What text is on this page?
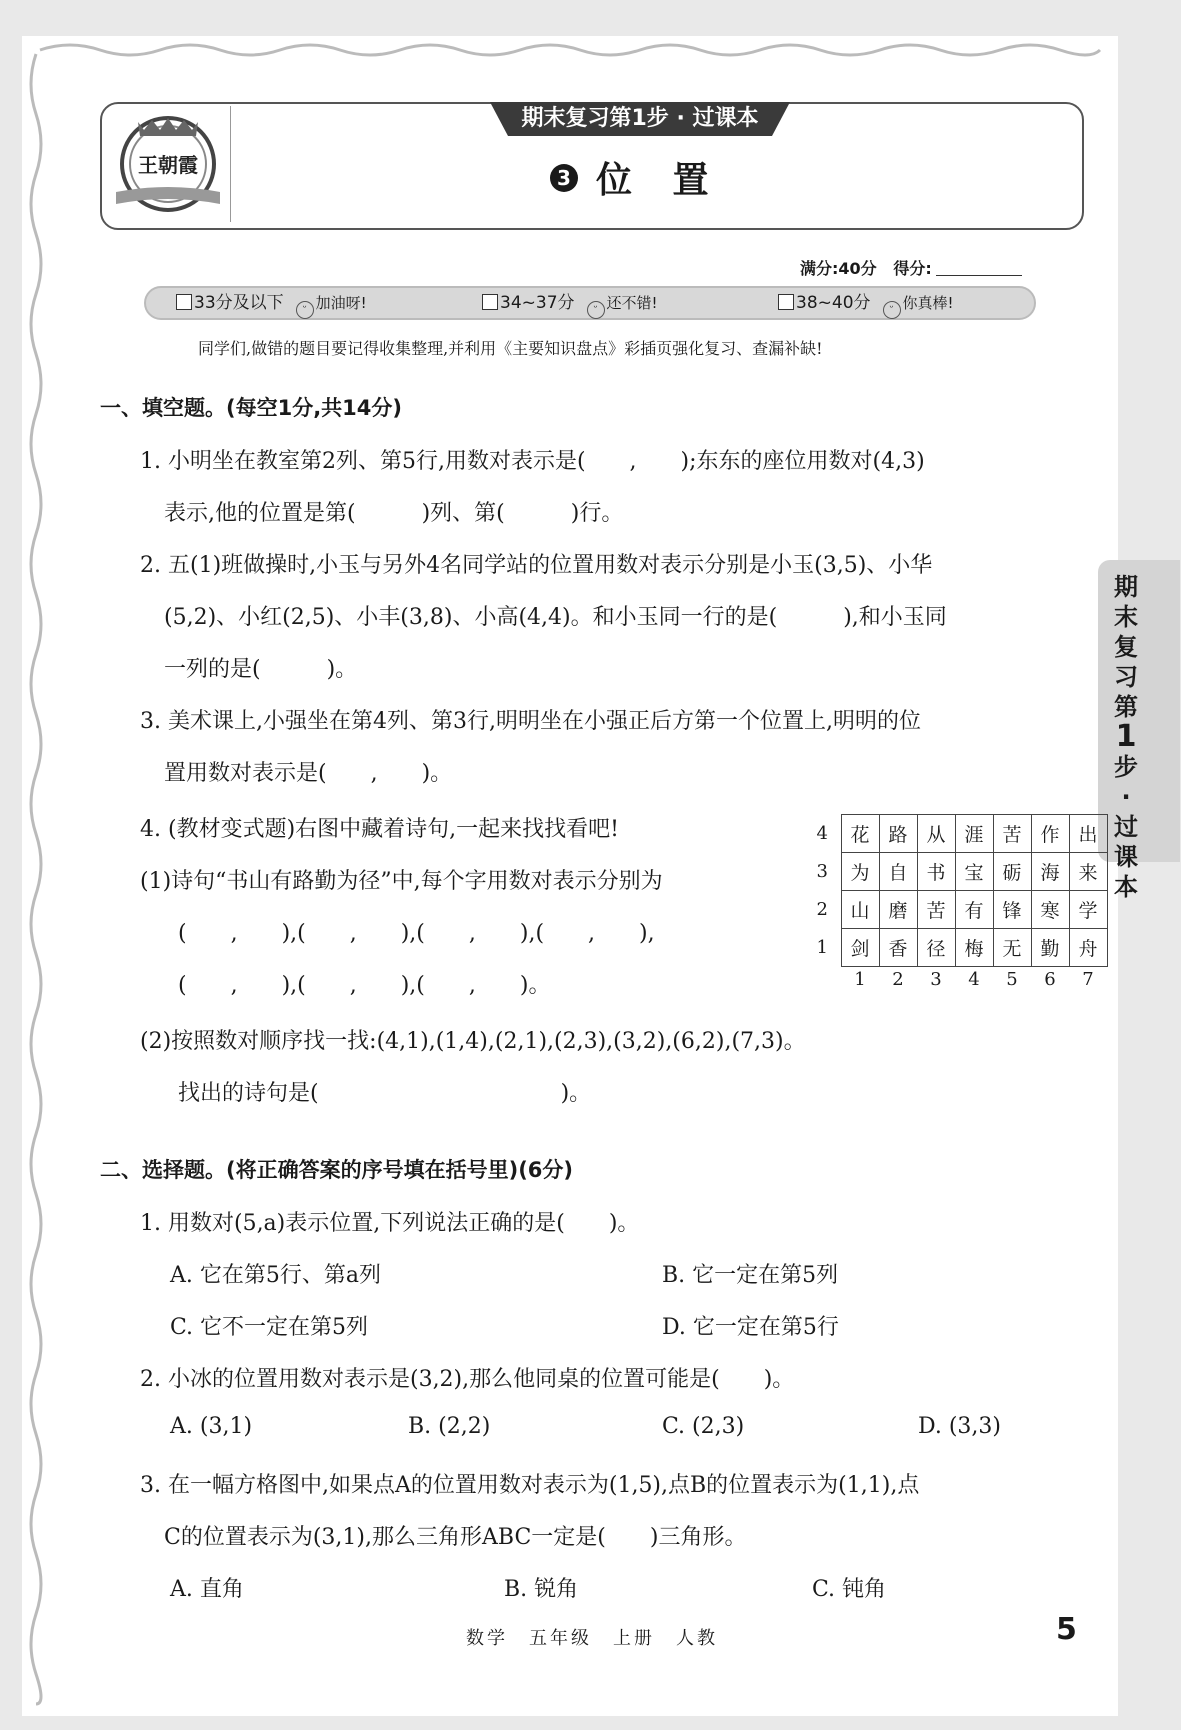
王朝霞
期末复习第1步 · 过课本
3 位 置
满分:40分 得分:
33分及以下 ᵕ 加油呀!	34~37分 ᵕ 还不错!	38~40分 ᵕ 你真棒!
同学们,做错的题目要记得收集整理,并利用《主要知识盘点》彩插页强化复习、查漏补缺!
期
末
复
习
第
1
步
·
过
课
本
一、填空题。(每空1分,共14分)
1. 小明坐在教室第2列、第5行,用数对表示是(　　,　　);东东的座位用数对(4,3)
表示,他的位置是第(　　　)列、第(　　　)行。
2. 五(1)班做操时,小玉与另外4名同学站的位置用数对表示分别是小玉(3,5)、小华
(5,2)、小红(2,5)、小丰(3,8)、小高(4,4)。和小玉同一行的是(　　　),和小玉同
一列的是(　　　)。
3. 美术课上,小强坐在第4列、第3行,明明坐在小强正后方第一个位置上,明明的位
置用数对表示是(　　,　　)。
4. (教材变式题)右图中藏着诗句,一起来找找看吧!
(1)诗句“书山有路勤为径”中,每个字用数对表示分别为
(　　,　　),(　　,　　),(　　,　　),(　　,　　),
(　　,　　),(　　,　　),(　　,　　)。
(2)按照数对顺序找一找:(4,1),(1,4),(2,1),(2,3),(3,2),(6,2),(7,3)。
找出的诗句是(　　　　　　　　　　　)。
4	花	路	从	涯	苦	作	出
3	为	自	书	宝	砺	海	来
2	山	磨	苦	有	锋	寒	学
1	剑	香	径	梅	无	勤	舟
	1	2	3	4	5	6	7
二、选择题。(将正确答案的序号填在括号里)(6分)
1. 用数对(5,a)表示位置,下列说法正确的是(　　)。
A. 它在第5行、第a列	B. 它一定在第5列
C. 它不一定在第5列	D. 它一定在第5行
2. 小冰的位置用数对表示是(3,2),那么他同桌的位置可能是(　　)。
A. (3,1)	B. (2,2)	C. (2,3)	D. (3,3)
3. 在一幅方格图中,如果点A的位置用数对表示为(1,5),点B的位置表示为(1,1),点
C的位置表示为(3,1),那么三角形ABC一定是(　　)三角形。
A. 直角	B. 锐角	C. 钝角
数学　五年级　上册　人教	5
